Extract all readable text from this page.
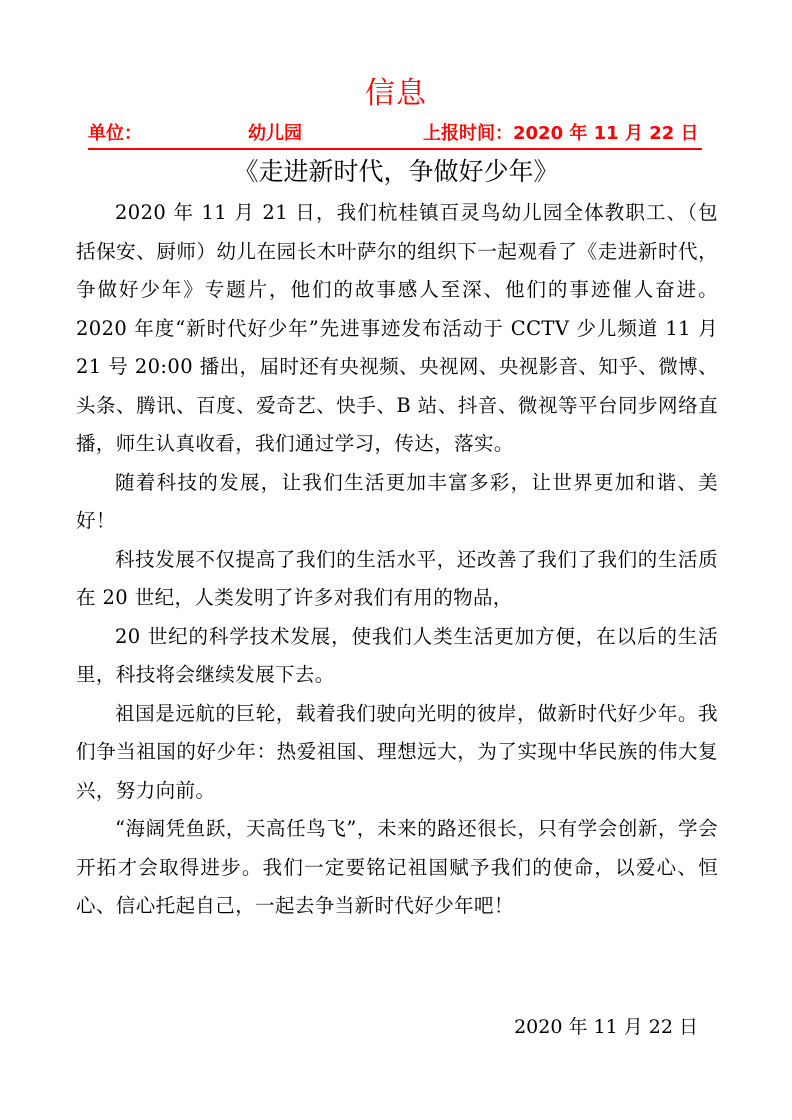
信息
单位：	幼儿园	上报时间：2020 年 11 月 22 日
《走进新时代，争做好少年》

2020 年 11 月 21 日，我们杭桂镇百灵鸟幼儿园全体教职工、（包括保安、厨师）幼儿在园长木叶萨尔的组织下一起观看了《走进新时代，争做好少年》专题片，他们的故事感人至深、他们的事迹催人奋进。2020 年度“新时代好少年”先进事迹发布活动于 CCTV 少儿频道 11 月 21 号 20:00 播出，届时还有央视频、央视网、央视影音、知乎、微博、头条、腾讯、百度、爱奇艺、快手、B 站、抖音、微视等平台同步网络直播，师生认真收看，我们通过学习，传达，落实。

随着科技的发展，让我们生活更加丰富多彩，让世界更加和谐、美好！

科技发展不仅提高了我们的生活水平，还改善了我们了我们的生活质在 20 世纪，人类发明了许多对我们有用的物品，

20 世纪的科学技术发展，使我们人类生活更加方便，在以后的生活里，科技将会继续发展下去。

祖国是远航的巨轮，载着我们驶向光明的彼岸，做新时代好少年。我们争当祖国的好少年：热爱祖国、理想远大，为了实现中华民族的伟大复兴，努力向前。

“海阔凭鱼跃，天高任鸟飞”，未来的路还很长，只有学会创新，学会开拓才会取得进步。我们一定要铭记祖国赋予我们的使命，以爱心、恒心、信心托起自己，一起去争当新时代好少年吧！

2020 年 11 月 22 日
